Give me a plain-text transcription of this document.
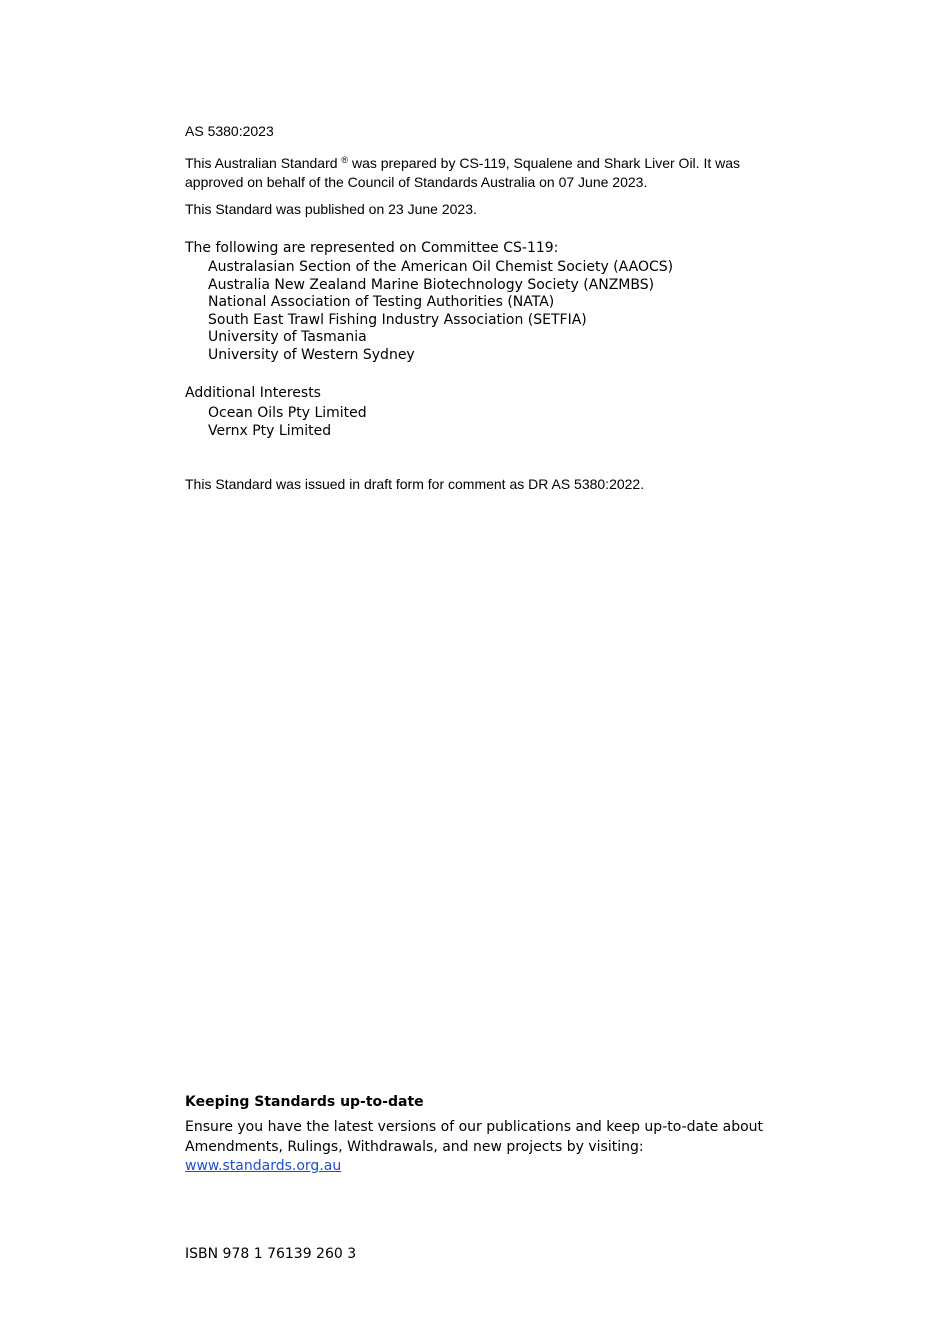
AS 5380:2023
This Australian Standard ® was prepared by CS-119, Squalene and Shark Liver Oil. It was approved on behalf of the Council of Standards Australia on 07 June 2023.
This Standard was published on 23 June 2023.
The following are represented on Committee CS-119:
Australasian Section of the American Oil Chemist Society (AAOCS)
Australia New Zealand Marine Biotechnology Society (ANZMBS)
National Association of Testing Authorities (NATA)
South East Trawl Fishing Industry Association (SETFIA)
University of Tasmania
University of Western Sydney
Additional Interests
Ocean Oils Pty Limited
Vernx Pty Limited
This Standard was issued in draft form for comment as DR AS 5380:2022.
Keeping Standards up-to-date
Ensure you have the latest versions of our publications and keep up-to-date about Amendments, Rulings, Withdrawals, and new projects by visiting:
www.standards.org.au
ISBN 978 1 76139 260 3
